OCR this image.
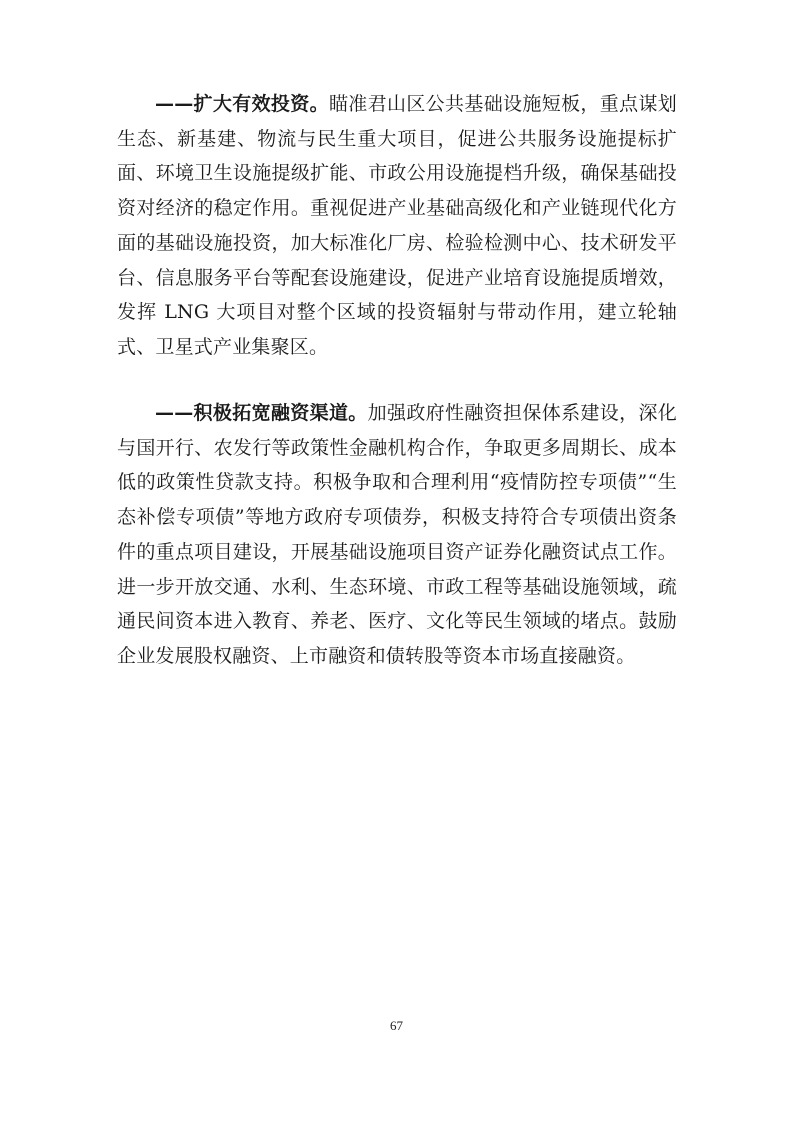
——扩大有效投资。瞄准君山区公共基础设施短板，重点谋划生态、新基建、物流与民生重大项目，促进公共服务设施提标扩面、环境卫生设施提级扩能、市政公用设施提档升级，确保基础投资对经济的稳定作用。重视促进产业基础高级化和产业链现代化方面的基础设施投资，加大标准化厂房、检验检测中心、技术研发平台、信息服务平台等配套设施建设，促进产业培育设施提质增效，发挥 LNG 大项目对整个区域的投资辐射与带动作用，建立轮轴式、卫星式产业集聚区。

——积极拓宽融资渠道。加强政府性融资担保体系建设，深化与国开行、农发行等政策性金融机构合作，争取更多周期长、成本低的政策性贷款支持。积极争取和合理利用“疫情防控专项债”“生态补偿专项债”等地方政府专项债券，积极支持符合专项债出资条件的重点项目建设，开展基础设施项目资产证券化融资试点工作。进一步开放交通、水利、生态环境、市政工程等基础设施领域，疏通民间资本进入教育、养老、医疗、文化等民生领域的堵点。鼓励企业发展股权融资、上市融资和债转股等资本市场直接融资。

67
